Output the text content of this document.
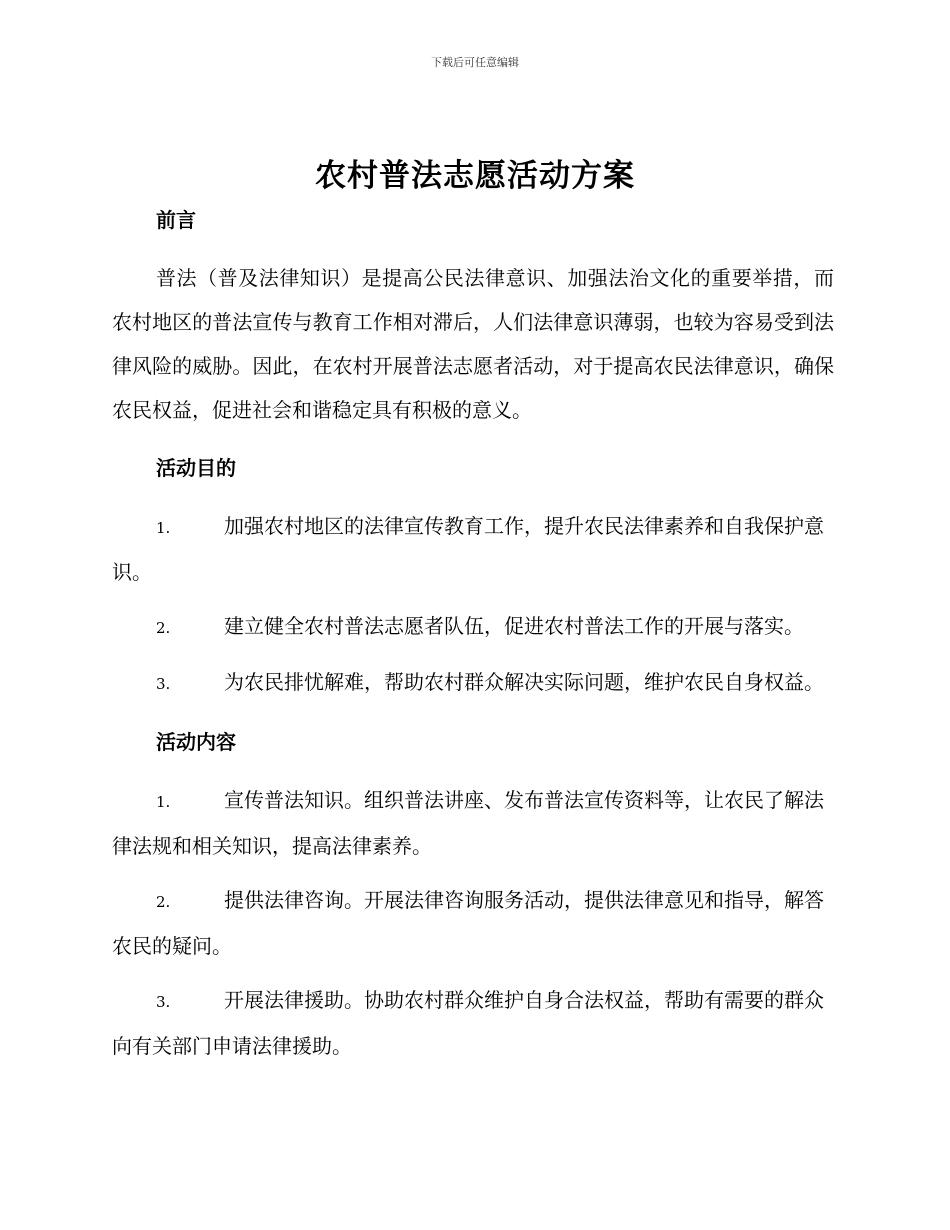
下载后可任意编辑
农村普法志愿活动方案
前言

普法（普及法律知识）是提高公民法律意识、加强法治文化的重要举措，而农村地区的普法宣传与教育工作相对滞后，人们法律意识薄弱，也较为容易受到法律风险的威胁。因此，在农村开展普法志愿者活动，对于提高农民法律意识，确保农民权益，促进社会和谐稳定具有积极的意义。

活动目的

1.	加强农村地区的法律宣传教育工作，提升农民法律素养和自我保护意识。

2.	建立健全农村普法志愿者队伍，促进农村普法工作的开展与落实。

3.	为农民排忧解难，帮助农村群众解决实际问题，维护农民自身权益。

活动内容

1.	宣传普法知识。组织普法讲座、发布普法宣传资料等，让农民了解法律法规和相关知识，提高法律素养。

2.	提供法律咨询。开展法律咨询服务活动，提供法律意见和指导，解答农民的疑问。

3.	开展法律援助。协助农村群众维护自身合法权益，帮助有需要的群众向有关部门申请法律援助。
